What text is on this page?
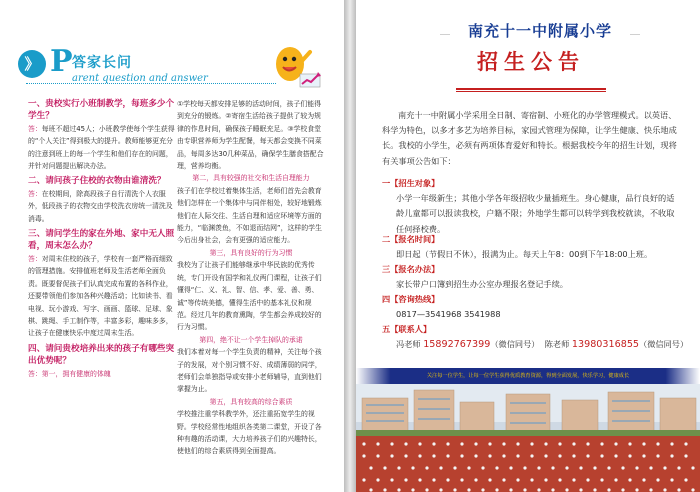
》 P 答家长问
arent question and answer
一、贵校实行小班制教学，每班多少个学生？
答：每班不超过45人；小班教学使每个学生获得的“个人关注”得到极大的提升。教师能够更充分的注意到班上的每一个学生和他们存在的问题，并针对问题提出解决办法。
二、请问孩子住校的衣物由谁清洗？
答：在校期间，除高段孩子自行清洗个人衣服外，低段孩子的衣物交由学校洗衣房统一清洗及消毒。
三、请问学生的家在外地、家中无人照看，周末怎么办？
答：对周末住校的孩子，学校有一套严格而细致的管理措施。安排值班老师及生活老师全面负责。既要督促孩子们认真完成布置的各科作业，还要带领他们参加各种兴趣活动；比如读书、看电视、玩小游戏、写字、画画、篮球、足球、象棋、跳绳、手工制作等，丰富多彩，趣味多多，让孩子在健康快乐中度过周末生活。
四、请问贵校培养出来的孩子有哪些突出优势呢？
答：第一，拥有健康的体魄
①学校每天都安排足够的活动时间，孩子们能得到充分的锻炼。②寄宿生活给孩子提供了较为规律的作息时间，确保孩子睡眠充足。③学校食堂由专职营养师为学生配餐，每天都会变换不同菜品，每周多达30几种菜品，确保学生膳食搭配合理，营养均衡。
第二，具有较强的社交和生活自理能力
孩子们在学校过着集体生活，老师们首先会教育他们怎样在一个集体中与同伴相处，较好地锻炼他们在人际交往、生活自理和适应环境等方面的能力，“临渊羡鱼，不如退而结网”，这样的学生今后出身社会，会有更强的适应能力。
第三，具有良好的行为习惯
我校为了让孩子们能够继承中华民族的优秀传统，专门开设有国学和礼仪两门课程，让孩子们懂得“仁、义、礼、智、信、孝、爱、善、勇、诚”等传统美德，懂得生活中的基本礼仪和规范。经过几年的教育熏陶，学生都会养成较好的行为习惯。
第四，绝不让一个学生掉队的承诺
我们本着对每一个学生负责的精神，关注每个孩子的发展，对个别习惯不好、成绩薄弱的同学，老师们会单独指导或安排小老师辅导，直到他们掌握为止。
第五，具有较高的综合素质
学校推注重学科教学外，还注重拓宽学生的视野。学校经常性地组织各类第二课堂，开设了各种有趣的活动课，大力培养孩子们的兴趣特长，使他们的综合素质得到全面提高。
南充十一中附属小学
招生公告
南充十一中附属小学采用全日制、寄宿制、小班化的办学管理模式。以英语、科学为特色，以多才多艺为培养目标，家园式管理为保障，让学生健康、快乐地成长。我校的小学生，必须有两项体育爱好和特长。根据我校今年的招生计划，现将有关事项公告如下：
一【招生对象】
小学一年级新生；其他小学各年级招收少量插班生。身心健康，品行良好的适龄儿童都可以报读我校，户籍不限；外地学生都可以转学到我校就读，不收取任何择校费。
二【报名时间】
即日起（节假日不休），报满为止。每天上午8：00到下午18:00上班。
三【报名办法】
家长带户口簿到招生办公室办理报名登记手续。
四【咨询热线】
0817—3541968 3541988
五【联系人】
冯老师 15892767399（微信同号） 陈老师 13980316855（微信同号）
关注每一位学生，让每一位学生获得优质教育资源，得到全面发展，快乐学习，健康成长
